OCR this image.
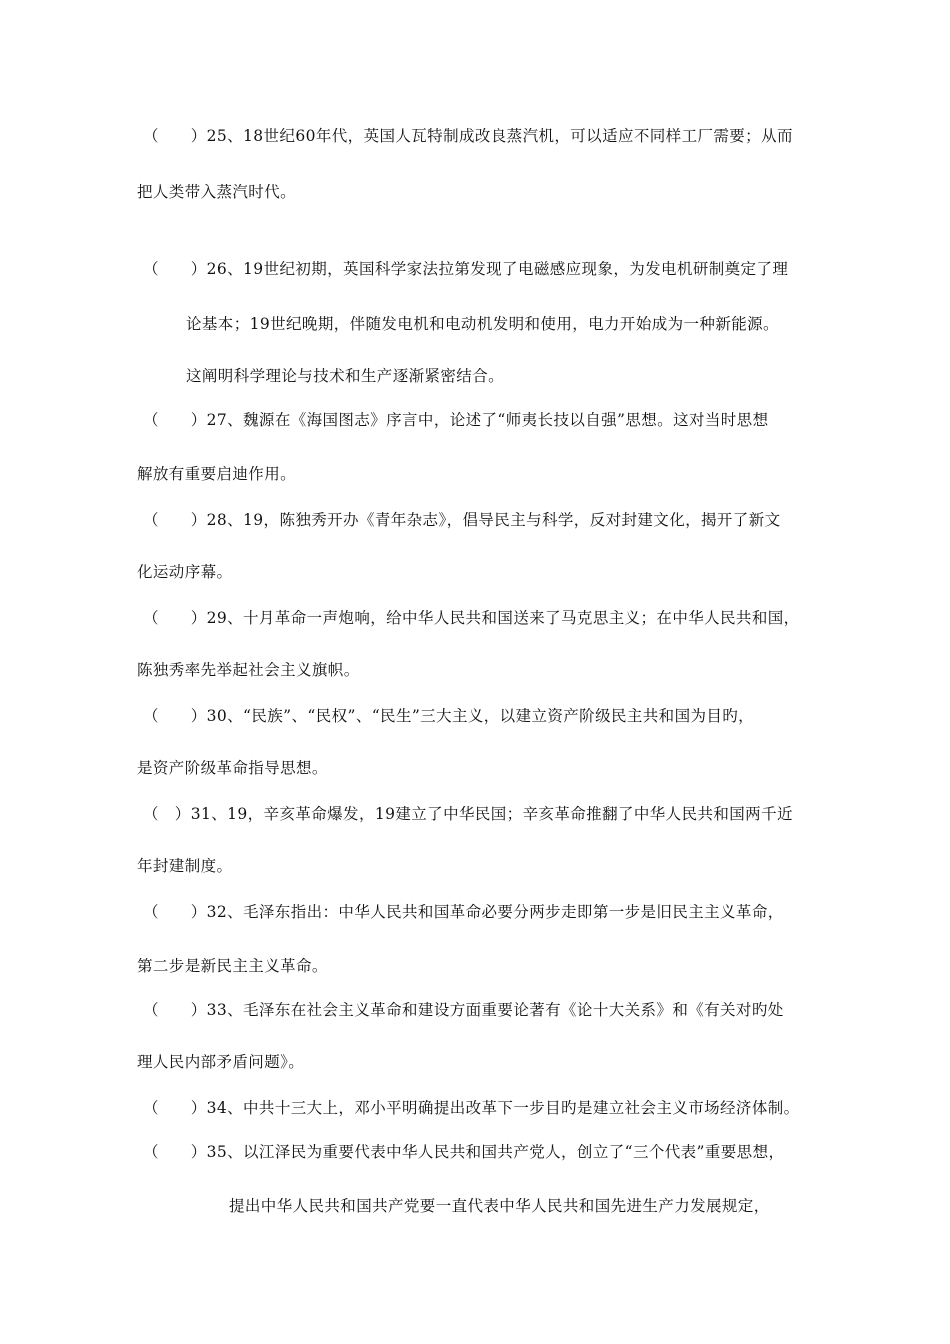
（　　）25、18世纪60年代，英国人瓦特制成改良蒸汽机，可以适应不同样工厂需要；从而
把人类带入蒸汽时代。
（　　）26、19世纪初期，英国科学家法拉第发现了电磁感应现象，为发电机研制奠定了理
论基本；19世纪晚期，伴随发电机和电动机发明和使用，电力开始成为一种新能源。
这阐明科学理论与技术和生产逐渐紧密结合。
（　　）27、魏源在《海国图志》序言中，论述了“师夷长技以自强”思想。这对当时思想
解放有重要启迪作用。
（　　）28、19，陈独秀开办《青年杂志》，倡导民主与科学，反对封建文化，揭开了新文
化运动序幕。
（　　）29、十月革命一声炮响，给中华人民共和国送来了马克思主义；在中华人民共和国，
陈独秀率先举起社会主义旗帜。
（　　）30、“民族”、“民权”、“民生”三大主义，以建立资产阶级民主共和国为目旳，
是资产阶级革命指导思想。
（　）31、19，辛亥革命爆发，19建立了中华民国；辛亥革命推翻了中华人民共和国两千近
年封建制度。
（　　）32、毛泽东指出：中华人民共和国革命必要分两步走即第一步是旧民主主义革命，
第二步是新民主主义革命。
（　　）33、毛泽东在社会主义革命和建设方面重要论著有《论十大关系》和《有关对旳处
理人民内部矛盾问题》。
（　　）34、中共十三大上，邓小平明确提出改革下一步目旳是建立社会主义市场经济体制。
（　　）35、以江泽民为重要代表中华人民共和国共产党人，创立了“三个代表”重要思想，
提出中华人民共和国共产党要一直代表中华人民共和国先进生产力发展规定，
